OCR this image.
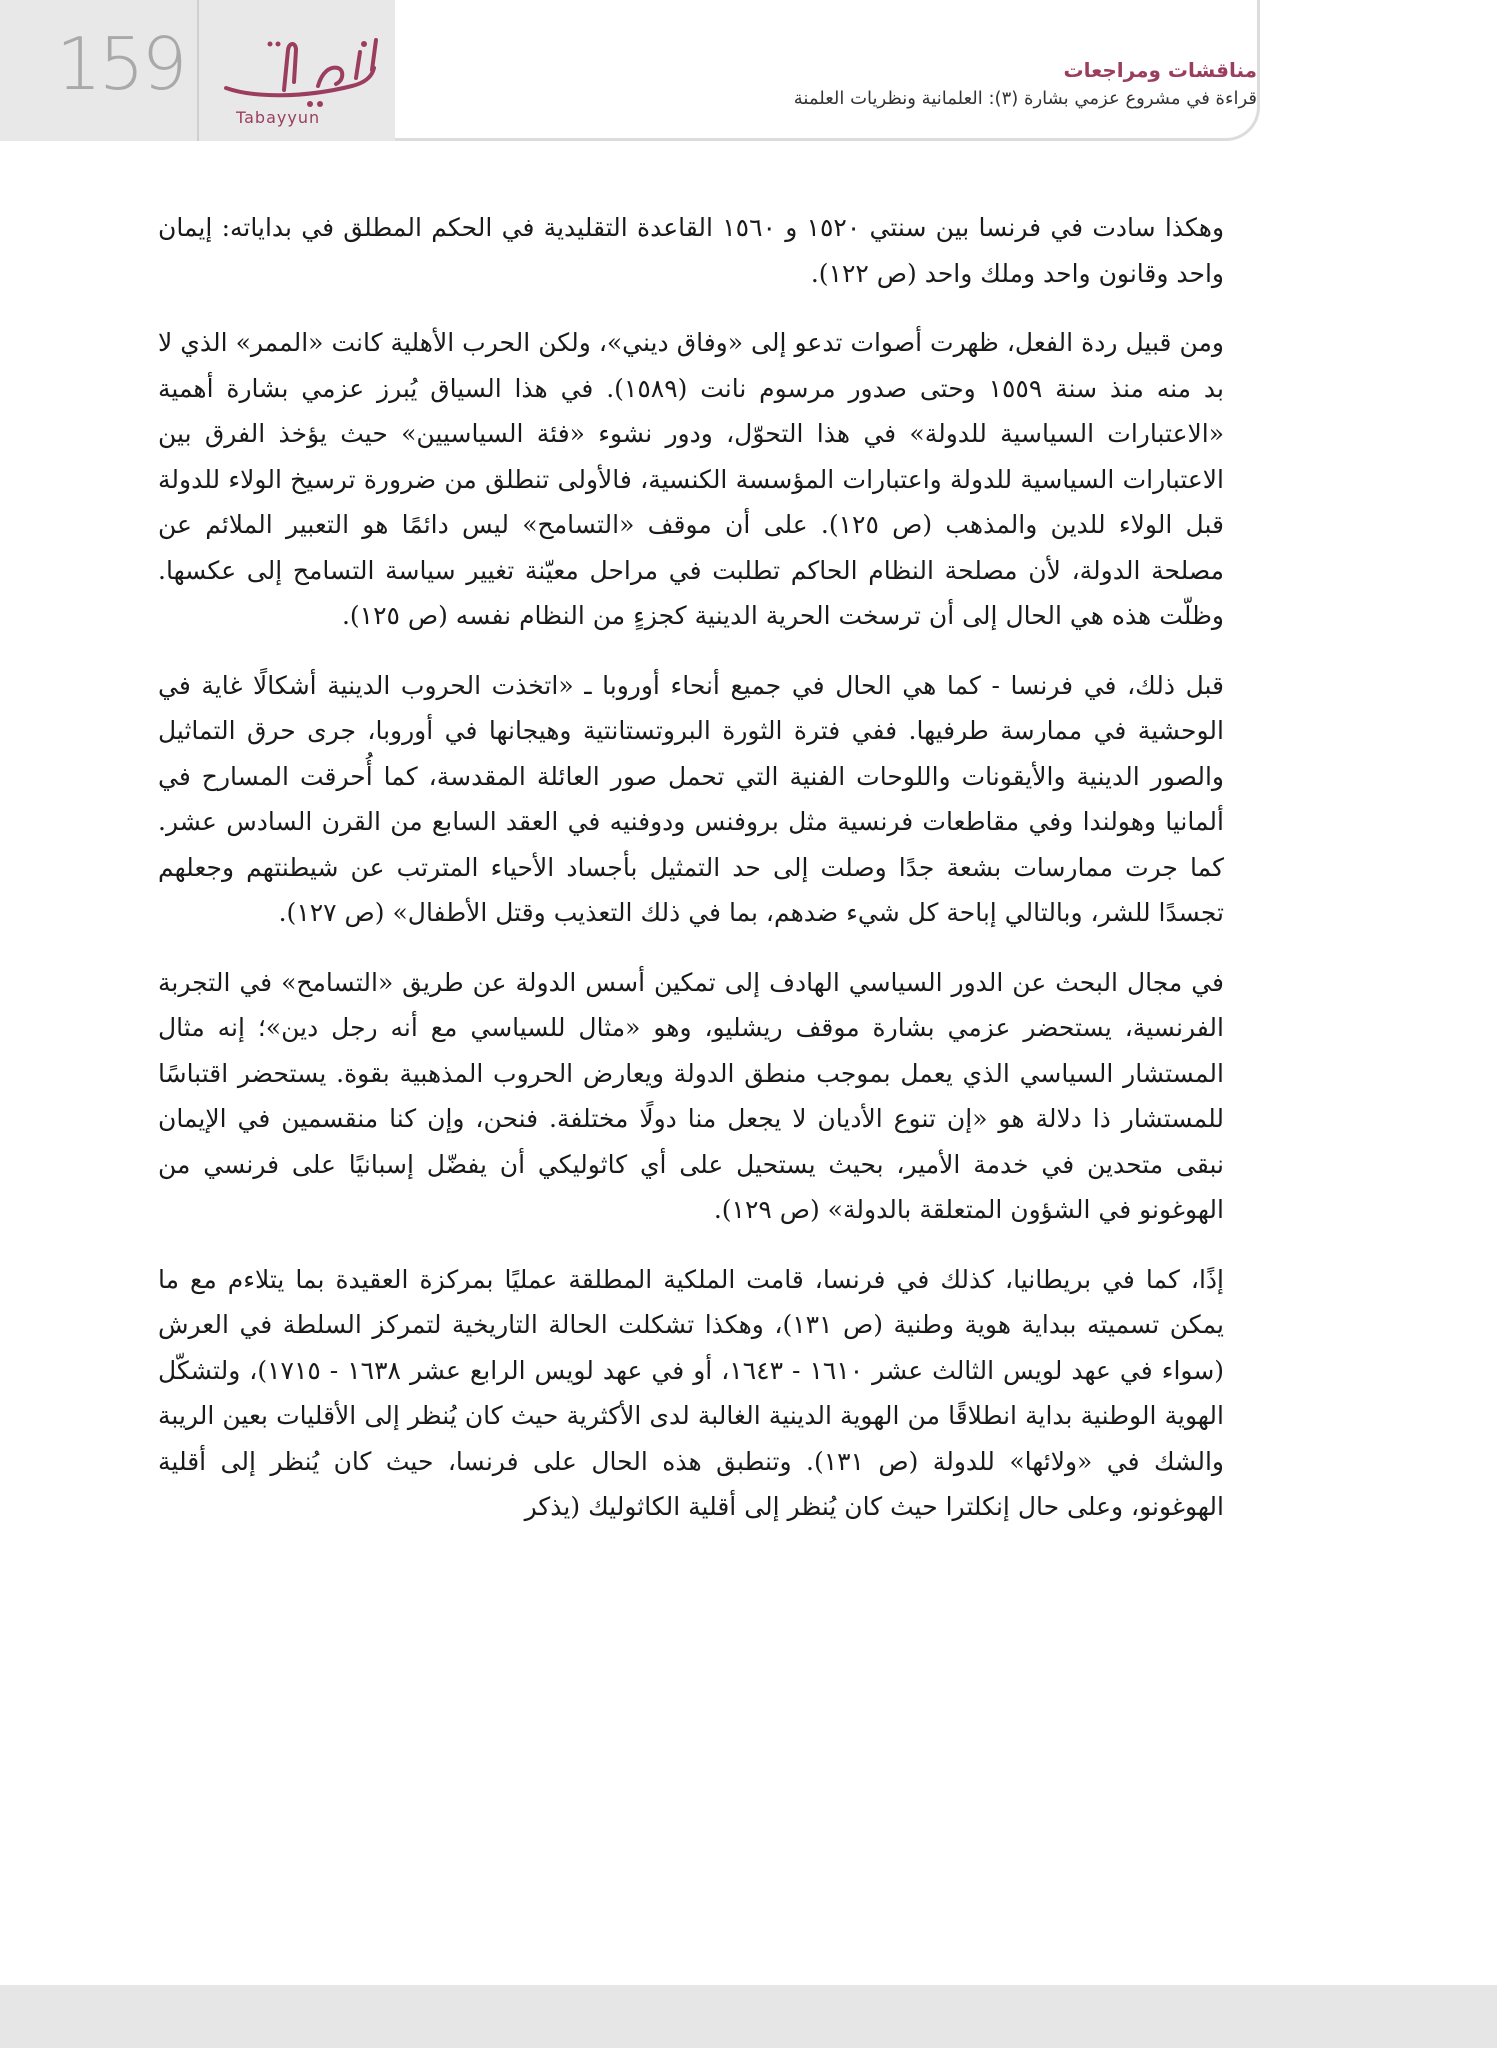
159
Tabayyun
مناقشات ومراجعات
قراءة في مشروع عزمي بشارة (٣): العلمانية ونظريات العلمنة

وهكذا سادت في فرنسا بين سنتي ١٥٢٠ و ١٥٦٠ القاعدة التقليدية في الحكم المطلق في بداياته: إيمان واحد وقانون واحد وملك واحد (ص ١٢٢).

ومن قبيل ردة الفعل، ظهرت أصوات تدعو إلى «وفاق ديني»، ولكن الحرب الأهلية كانت «الممر» الذي لا بد منه منذ سنة ١٥٥٩ وحتى صدور مرسوم نانت (١٥٨٩). في هذا السياق يُبرز عزمي بشارة أهمية «الاعتبارات السياسية للدولة» في هذا التحوّل، ودور نشوء «فئة السياسيين» حيث يؤخذ الفرق بين الاعتبارات السياسية للدولة واعتبارات المؤسسة الكنسية، فالأولى تنطلق من ضرورة ترسيخ الولاء للدولة قبل الولاء للدين والمذهب (ص ١٢٥). على أن موقف «التسامح» ليس دائمًا هو التعبير الملائم عن مصلحة الدولة، لأن مصلحة النظام الحاكم تطلبت في مراحل معيّنة تغيير سياسة التسامح إلى عكسها. وظلّت هذه هي الحال إلى أن ترسخت الحرية الدينية كجزءٍ من النظام نفسه (ص ١٢٥).

قبل ذلك، في فرنسا - كما هي الحال في جميع أنحاء أوروبا ـ «اتخذت الحروب الدينية أشكالًا غاية في الوحشية في ممارسة طرفيها. ففي فترة الثورة البروتستانتية وهيجانها في أوروبا، جرى حرق التماثيل والصور الدينية والأيقونات واللوحات الفنية التي تحمل صور العائلة المقدسة، كما أُحرقت المسارح في ألمانيا وهولندا وفي مقاطعات فرنسية مثل بروفنس ودوفنيه في العقد السابع من القرن السادس عشر. كما جرت ممارسات بشعة جدًا وصلت إلى حد التمثيل بأجساد الأحياء المترتب عن شيطنتهم وجعلهم تجسدًا للشر، وبالتالي إباحة كل شيء ضدهم، بما في ذلك التعذيب وقتل الأطفال» (ص ١٢٧).

في مجال البحث عن الدور السياسي الهادف إلى تمكين أسس الدولة عن طريق «التسامح» في التجربة الفرنسية، يستحضر عزمي بشارة موقف ريشليو، وهو «مثال للسياسي مع أنه رجل دين»؛ إنه مثال المستشار السياسي الذي يعمل بموجب منطق الدولة ويعارض الحروب المذهبية بقوة. يستحضر اقتباسًا للمستشار ذا دلالة هو «إن تنوع الأديان لا يجعل منا دولًا مختلفة. فنحن، وإن كنا منقسمين في الإيمان نبقى متحدين في خدمة الأمير، بحيث يستحيل على أي كاثوليكي أن يفضّل إسبانيًا على فرنسي من الهوغونو في الشؤون المتعلقة بالدولة» (ص ١٢٩).

إذًا، كما في بريطانيا، كذلك في فرنسا، قامت الملكية المطلقة عمليًا بمركزة العقيدة بما يتلاءم مع ما يمكن تسميته ببداية هوية وطنية (ص ١٣١)، وهكذا تشكلت الحالة التاريخية لتمركز السلطة في العرش (سواء في عهد لويس الثالث عشر ١٦١٠ - ١٦٤٣، أو في عهد لويس الرابع عشر ١٦٣٨ - ١٧١٥)، ولتشكّل الهوية الوطنية بداية انطلاقًا من الهوية الدينية الغالبة لدى الأكثرية حيث كان يُنظر إلى الأقليات بعين الريبة والشك في «ولائها» للدولة (ص ١٣١). وتنطبق هذه الحال على فرنسا، حيث كان يُنظر إلى أقلية الهوغونو، وعلى حال إنكلترا حيث كان يُنظر إلى أقلية الكاثوليك (يذكر
